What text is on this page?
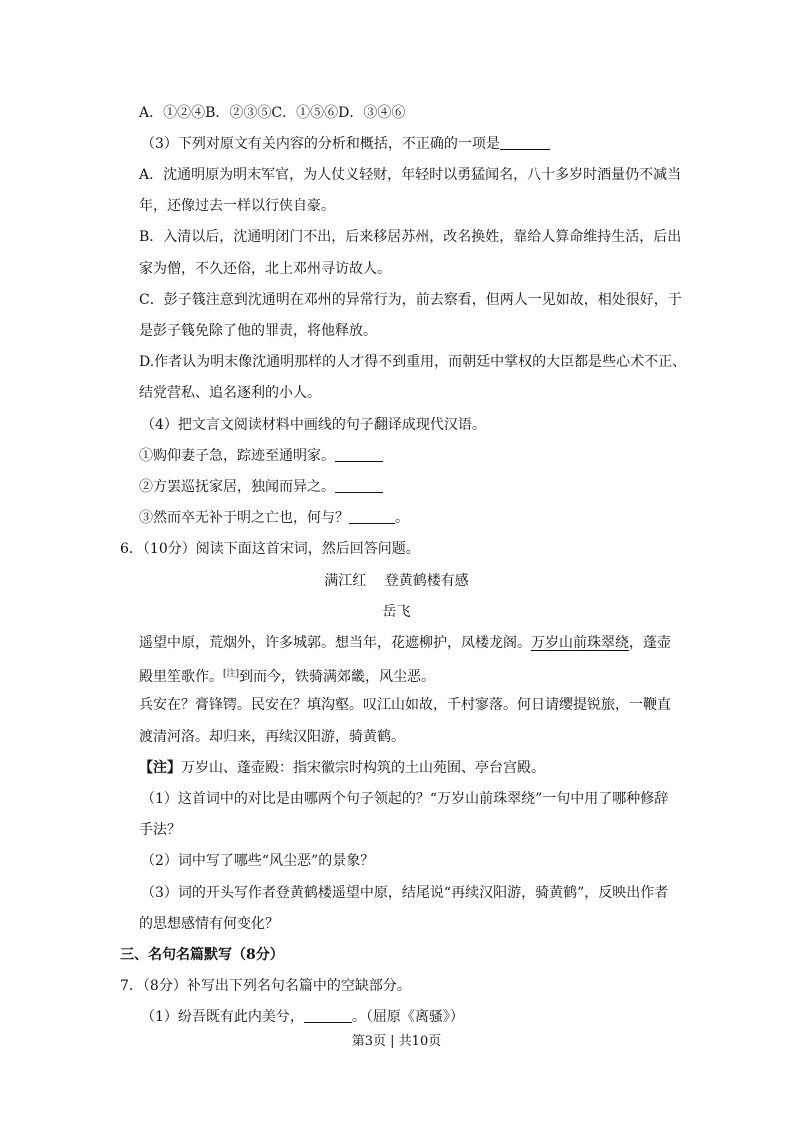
A．①②④B．②③⑤C．①⑤⑥D．③④⑥
（3）下列对原文有关内容的分析和概括，不正确的一项是
A．沈通明原为明末军官，为人仗义轻财，年轻时以勇猛闻名，八十多岁时酒量仍不减当
年，还像过去一样以行侠自豪。
B．入清以后，沈通明闭门不出，后来移居苏州，改名换姓，靠给人算命维持生活，后出
家为僧，不久还俗，北上邓州寻访故人。
C．彭子篯注意到沈通明在邓州的异常行为，前去察看，但两人一见如故，相处很好，于
是彭子篯免除了他的罪责，将他释放。
D.作者认为明末像沈通明那样的人才得不到重用，而朝廷中掌权的大臣都是些心术不正、
结党营私、追名逐利的小人。
（4）把文言文阅读材料中画线的句子翻译成现代汉语。
①购仰妻子急，踪迹至通明家。
②方罢巡抚家居，独闻而异之。
③然而卒无补于明之亡也，何与？	。
6．（10分）阅读下面这首宋词，然后回答问题。
满江红　 登黄鹤楼有感
岳飞
遥望中原，荒烟外，许多城郭。想当年，花遮柳护，凤楼龙阁。万岁山前珠翠绕，蓬壶
殿里笙歌作。[注]到而今，铁骑满郊畿，风尘恶。
兵安在？膏锋锷。民安在？填沟壑。叹江山如故，千村寥落。何日请缨提锐旅，一鞭直
渡清河洛。却归来，再续汉阳游，骑黄鹤。
【注】万岁山、蓬壶殿：指宋徽宗时构筑的土山苑囿、亭台宫殿。
（1）这首词中的对比是由哪两个句子领起的？“万岁山前珠翠绕”一句中用了哪种修辞
手法？
（2）词中写了哪些“风尘恶”的景象？
（3）词的开头写作者登黄鹤楼遥望中原，结尾说“再续汉阳游，骑黄鹤”，反映出作者
的思想感情有何变化？
三、名句名篇默写（8分）
7．（8分）补写出下列名句名篇中的空缺部分。
（1）纷吾既有此内美兮，	。（屈原《离骚》）
第3页 | 共10页
